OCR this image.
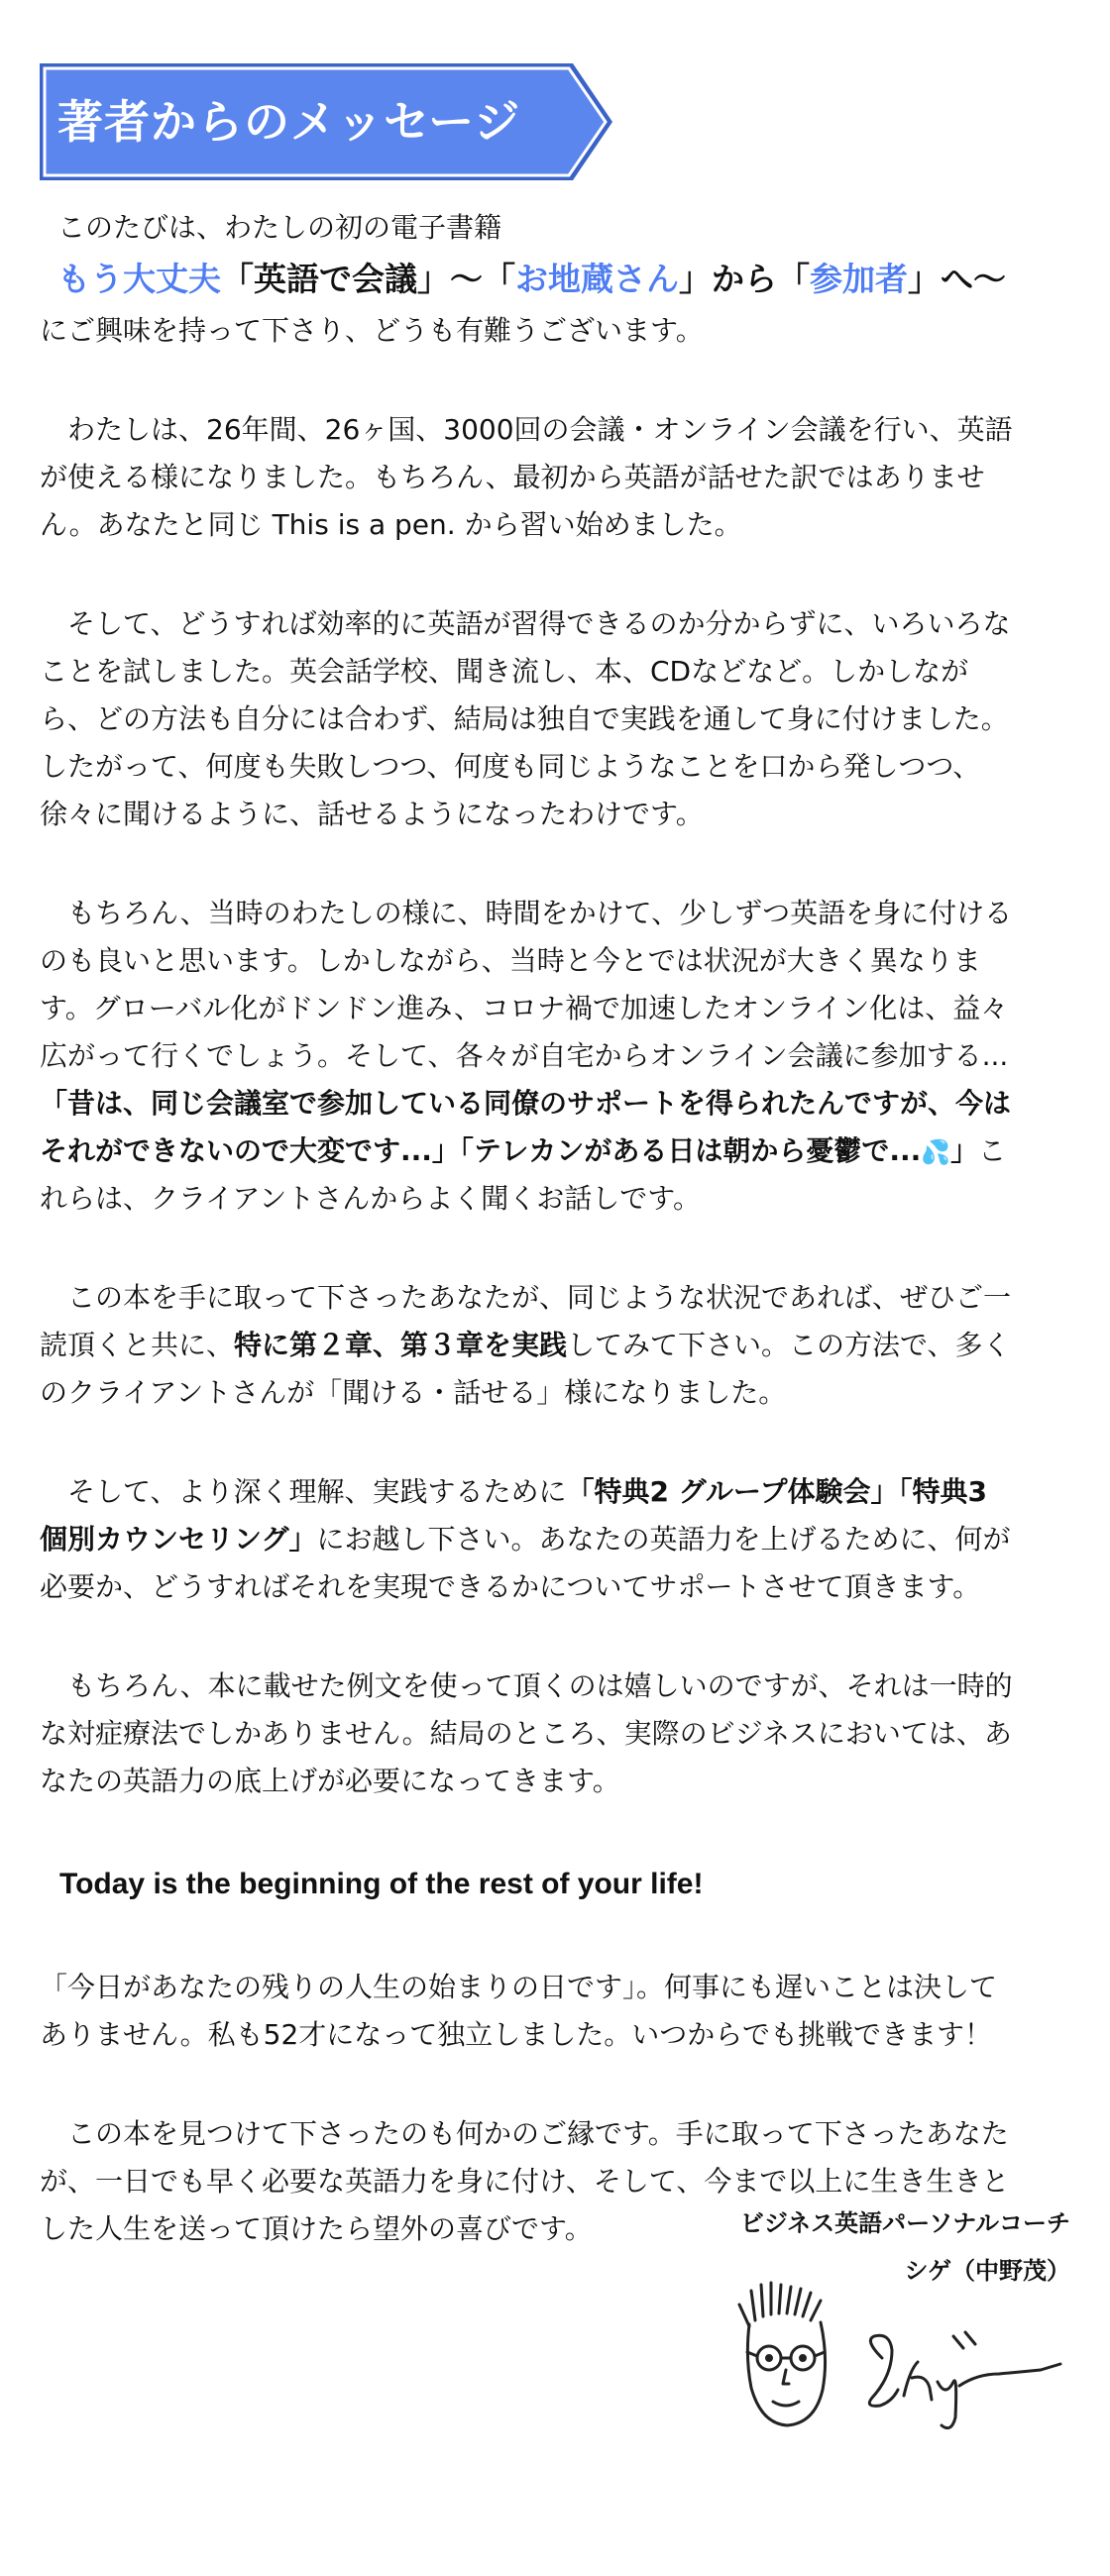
著者からのメッセージ
このたびは、わたしの初の電子書籍
もう大丈夫「英語で会議」～「お地蔵さん」から「参加者」へ～
にご興味を持って下さり、どうも有難うございます。
わたしは、26年間、26ヶ国、3000回の会議・オンライン会議を行い、英語
が使える様になりました。もちろん、最初から英語が話せた訳ではありませ
ん。あなたと同じ This is a pen. から習い始めました。
そして、どうすれば効率的に英語が習得できるのか分からずに、いろいろな
ことを試しました。英会話学校、聞き流し、本、CDなどなど。しかしなが
ら、どの方法も自分には合わず、結局は独自で実践を通して身に付けました。
したがって、何度も失敗しつつ、何度も同じようなことを口から発しつつ、
徐々に聞けるように、話せるようになったわけです。
もちろん、当時のわたしの様に、時間をかけて、少しずつ英語を身に付ける
のも良いと思います。しかしながら、当時と今とでは状況が大きく異なりま
す。グローバル化がドンドン進み、コロナ禍で加速したオンライン化は、益々
広がって行くでしょう。そして、各々が自宅からオンライン会議に参加する...
「昔は、同じ会議室で参加している同僚のサポートを得られたんですが、今は
それができないので大変です...」「テレカンがある日は朝から憂鬱で...💦」こ
れらは、クライアントさんからよく聞くお話しです。
この本を手に取って下さったあなたが、同じような状況であれば、ぜひご一
読頂くと共に、特に第２章、第３章を実践してみて下さい。この方法で、多く
のクライアントさんが「聞ける・話せる」様になりました。
そして、より深く理解、実践するために「特典2 グループ体験会」「特典3
個別カウンセリング」にお越し下さい。あなたの英語力を上げるために、何が
必要か、どうすればそれを実現できるかについてサポートさせて頂きます。
もちろん、本に載せた例文を使って頂くのは嬉しいのですが、それは一時的
な対症療法でしかありません。結局のところ、実際のビジネスにおいては、あ
なたの英語力の底上げが必要になってきます。
Today is the beginning of the rest of your life!
「今日があなたの残りの人生の始まりの日です」。何事にも遅いことは決して
ありません。私も52才になって独立しました。いつからでも挑戦できます！
この本を見つけて下さったのも何かのご縁です。手に取って下さったあなた
が、一日でも早く必要な英語力を身に付け、そして、今まで以上に生き生きと
した人生を送って頂けたら望外の喜びです。	ビジネス英語パーソナルコーチ
シゲ（中野茂）
